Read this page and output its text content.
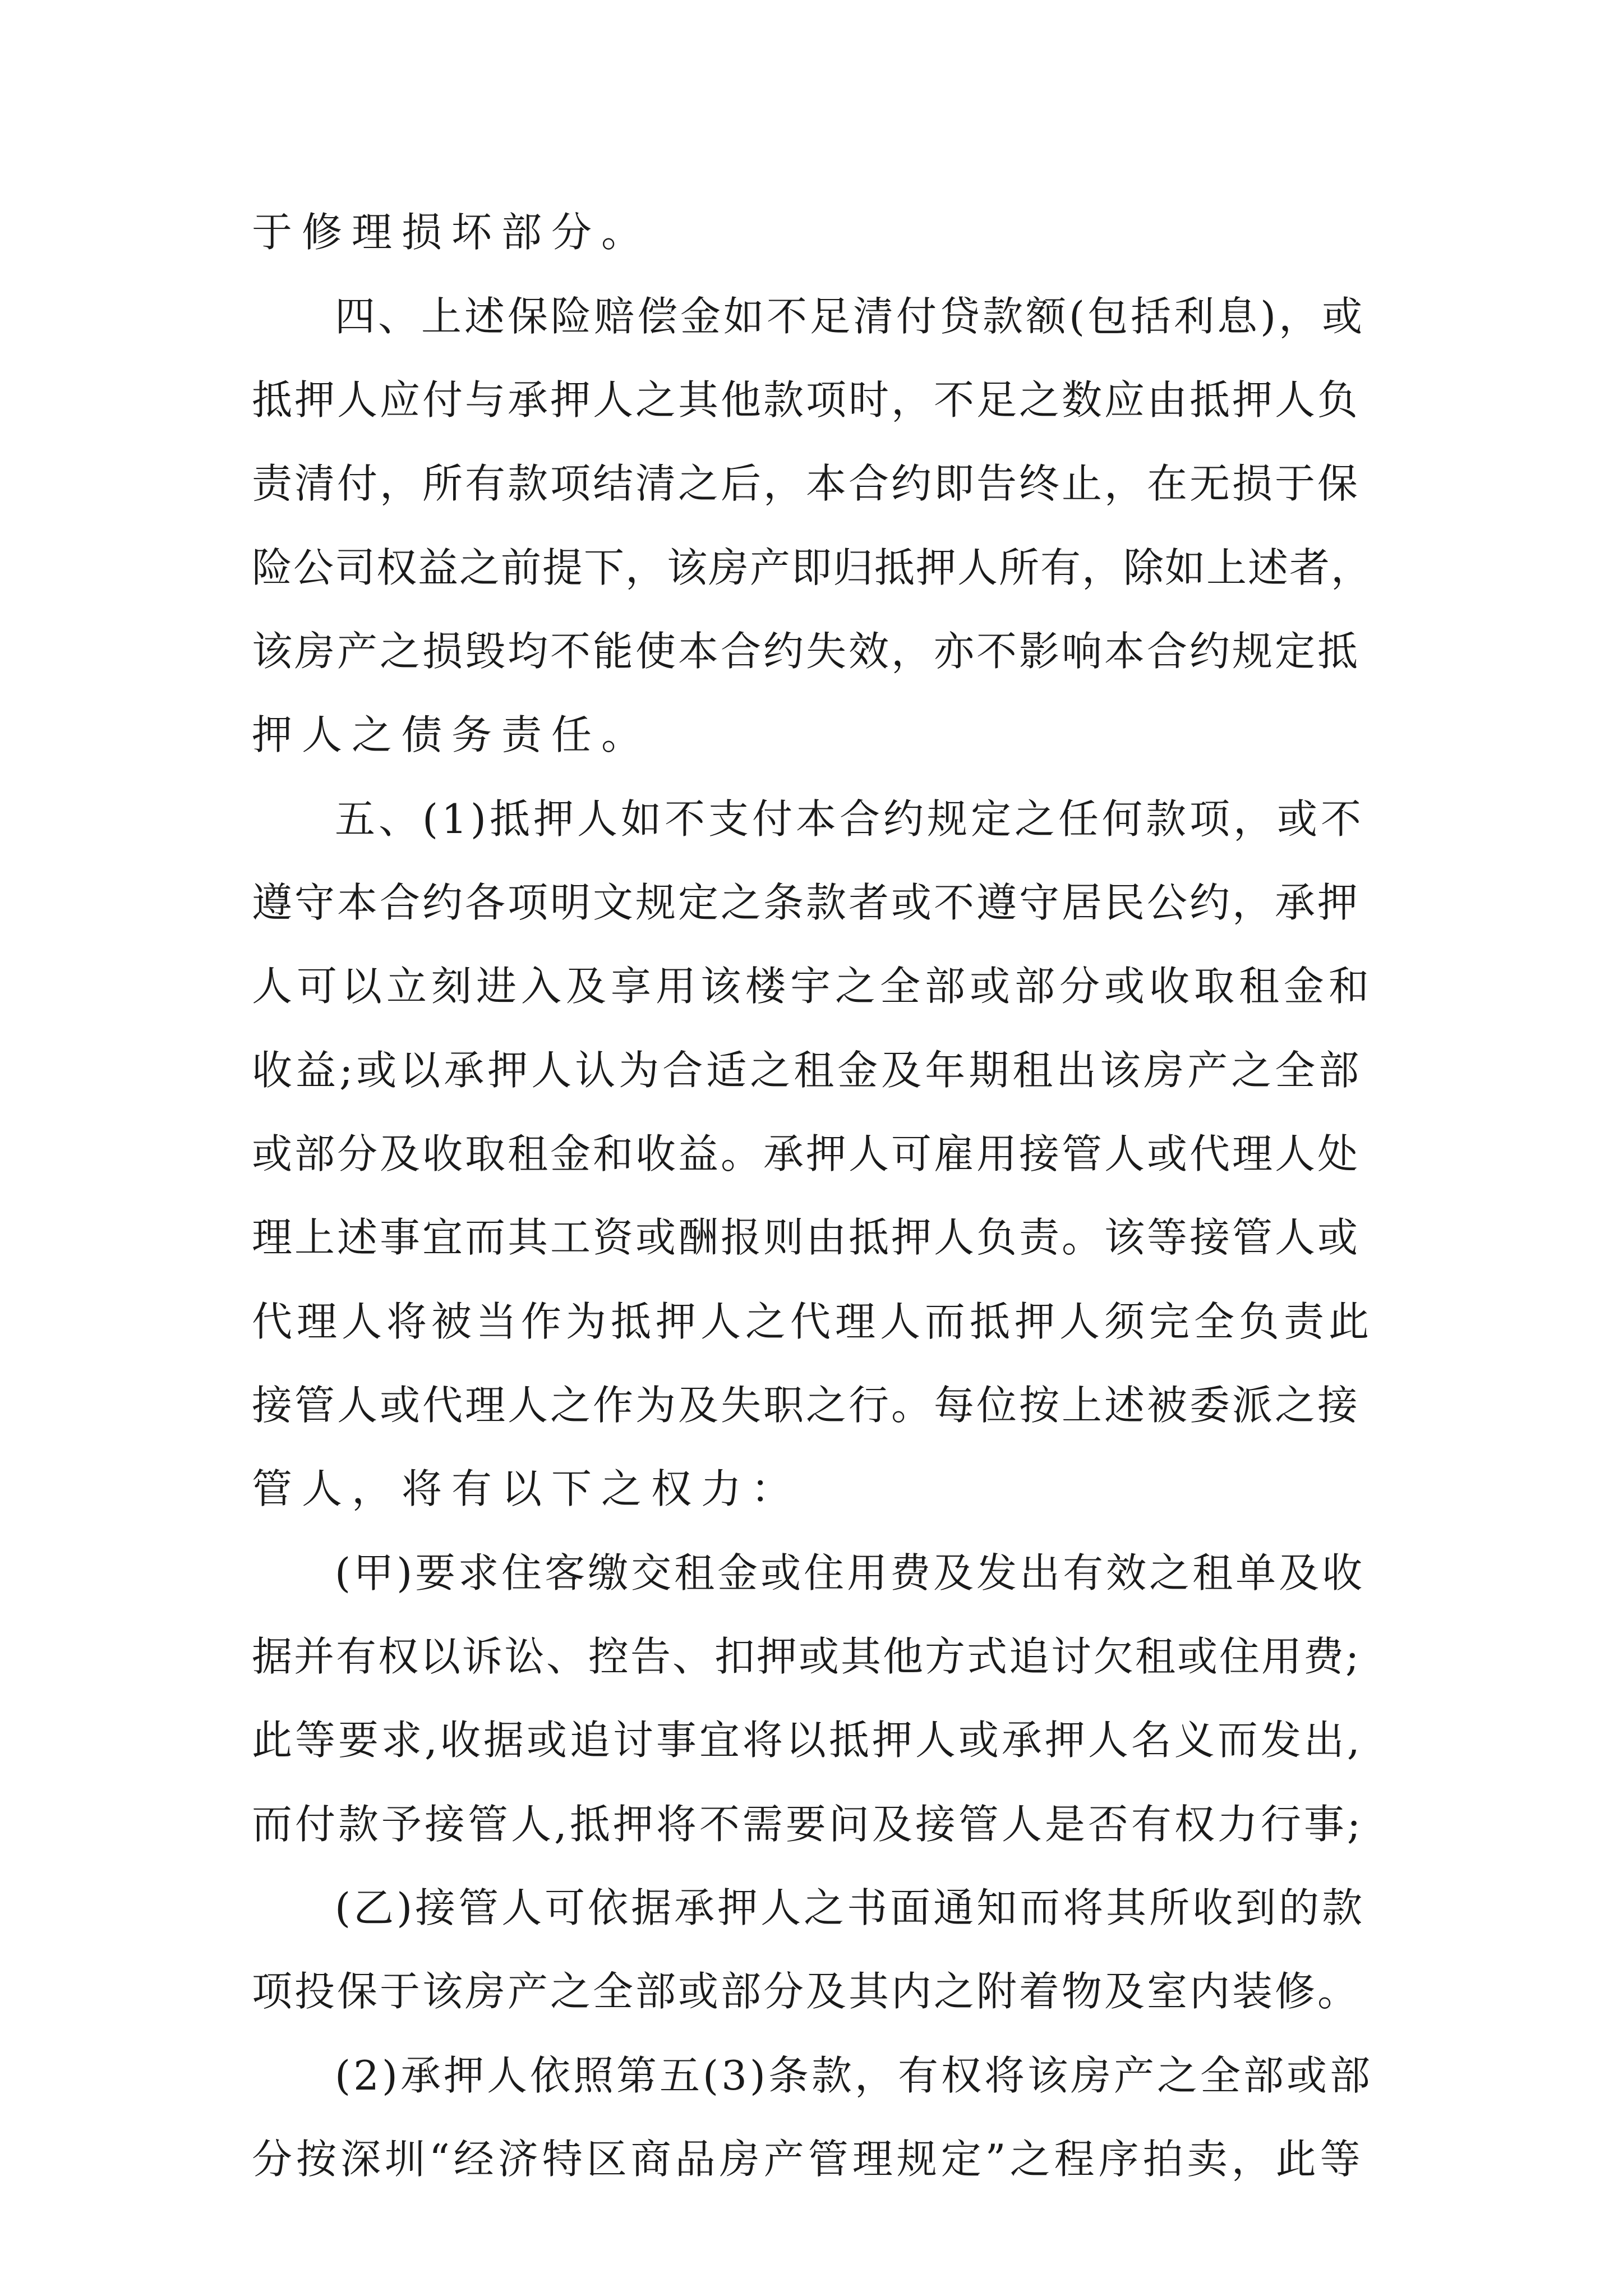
于修理损坏部分。

四、上述保险赔偿金如不足清付贷款额(包括利息)，或

抵押人应付与承押人之其他款项时，不足之数应由抵押人负

责清付，所有款项结清之后，本合约即告终止，在无损于保

险公司权益之前提下，该房产即归抵押人所有，除如上述者，

该房产之损毁均不能使本合约失效，亦不影响本合约规定抵

押人之债务责任。

五、(1)抵押人如不支付本合约规定之任何款项，或不

遵守本合约各项明文规定之条款者或不遵守居民公约，承押

人可以立刻进入及享用该楼宇之全部或部分或收取租金和

收益;或以承押人认为合适之租金及年期租出该房产之全部

或部分及收取租金和收益。承押人可雇用接管人或代理人处

理上述事宜而其工资或酬报则由抵押人负责。该等接管人或

代理人将被当作为抵押人之代理人而抵押人须完全负责此

接管人或代理人之作为及失职之行。每位按上述被委派之接

管人，将有以下之权力：

(甲)要求住客缴交租金或住用费及发出有效之租单及收

据并有权以诉讼、控告、扣押或其他方式追讨欠租或住用费;

此等要求,收据或追讨事宜将以抵押人或承押人名义而发出,

而付款予接管人,抵押将不需要问及接管人是否有权力行事;

(乙)接管人可依据承押人之书面通知而将其所收到的款

项投保于该房产之全部或部分及其内之附着物及室内装修。

(2)承押人依照第五(3)条款，有权将该房产之全部或部

分按深圳“经济特区商品房产管理规定”之程序拍卖，此等
